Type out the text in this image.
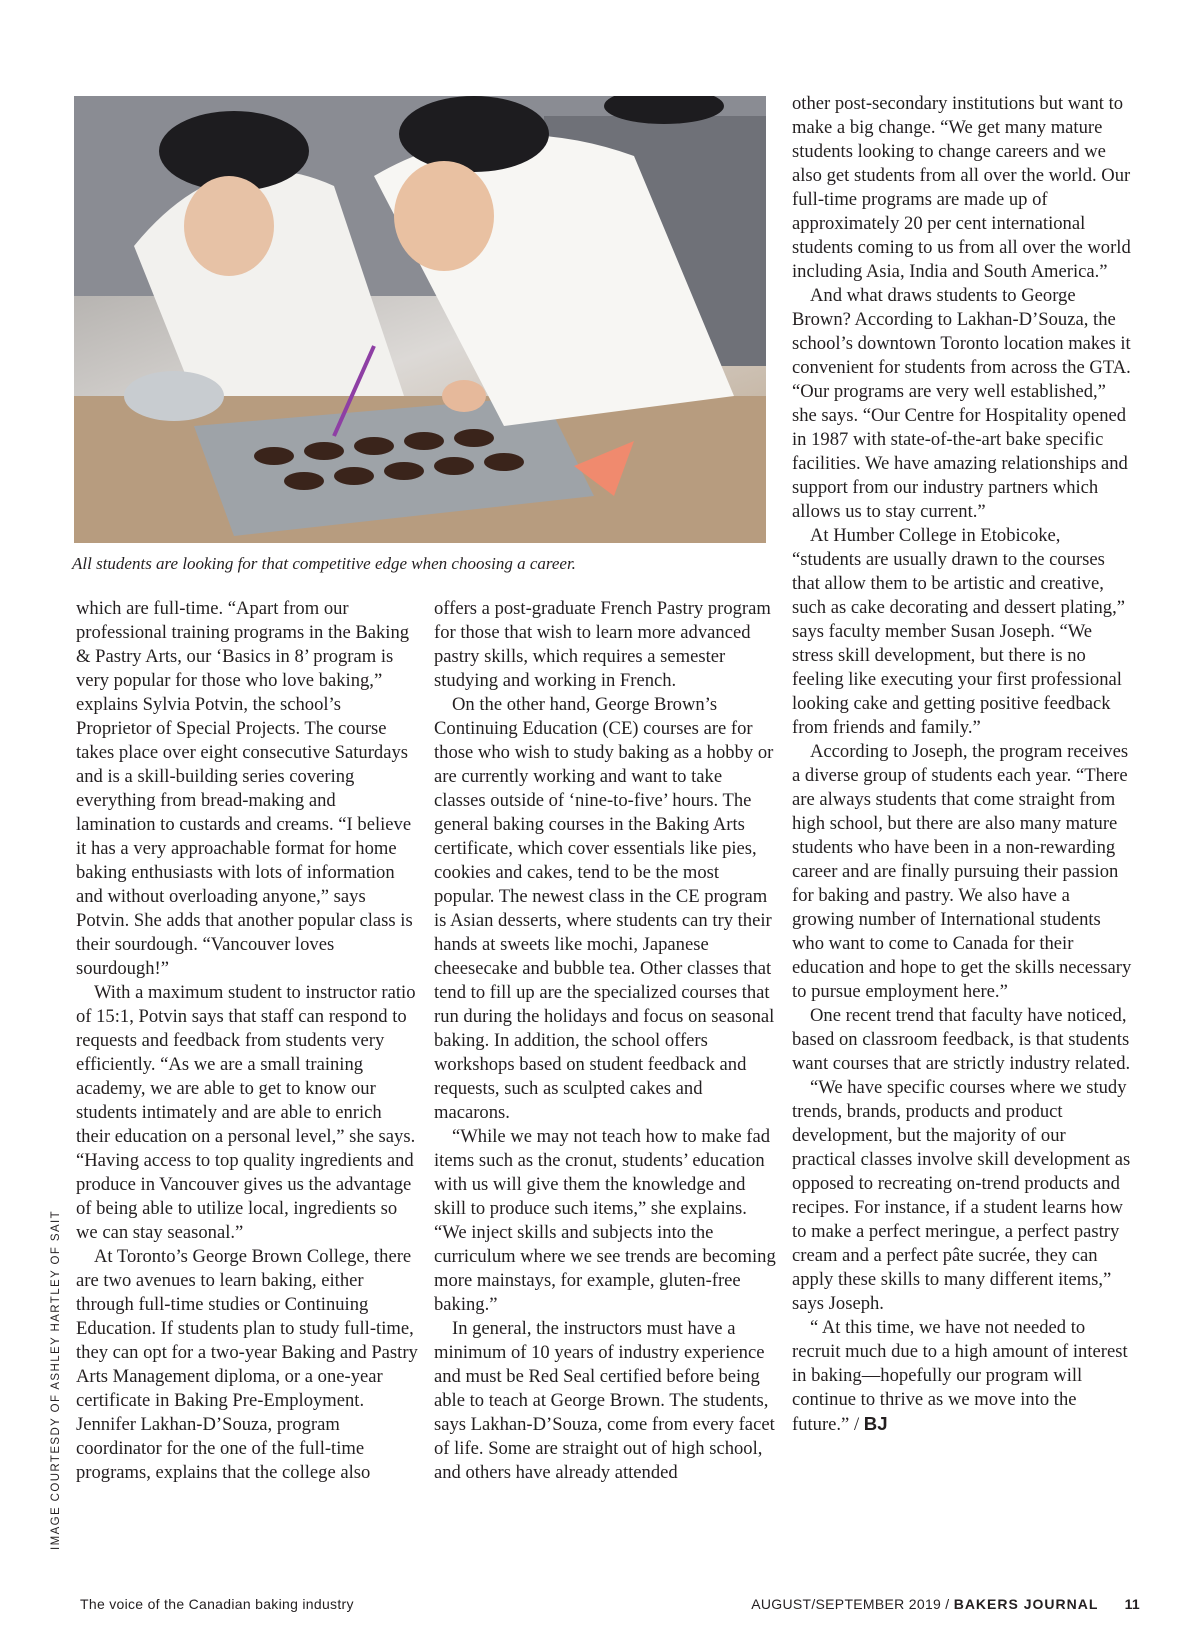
All students are looking for that competitive edge when choosing a career.
IMAGE COURTESDY OF ASHLEY HARTLEY OF SAIT

which are full-time. “Apart from our professional training programs in the Baking & Pastry Arts, our ‘Basics in 8’ program is very popular for those who love baking,” explains Sylvia Potvin, the school’s Proprietor of Special Projects. The course takes place over eight consecutive Saturdays and is a skill-building series covering everything from bread-making and lamination to custards and creams. “I believe it has a very approachable format for home baking enthusiasts with lots of information and without overloading anyone,” says Potvin. She adds that another popular class is their sourdough. “Vancouver loves sourdough!”

With a maximum student to instructor ratio of 15:1, Potvin says that staff can respond to requests and feedback from students very efficiently. “As we are a small training academy, we are able to get to know our students intimately and are able to enrich their education on a personal level,” she says. “Having access to top quality ingredients and produce in Vancouver gives us the advantage of being able to utilize local, ingredients so we can stay seasonal.”

At Toronto’s George Brown College, there are two avenues to learn baking, either through full-time studies or Continuing Education. If students plan to study full-time, they can opt for a two-year Baking and Pastry Arts Management diploma, or a one-year certificate in Baking Pre-Employment. Jennifer Lakhan-D’Souza, program coordinator for the one of the full-time programs, explains that the college also

offers a post-graduate French Pastry program for those that wish to learn more advanced pastry skills, which requires a semester studying and working in French.

On the other hand, George Brown’s Continuing Education (CE) courses are for those who wish to study baking as a hobby or are currently working and want to take classes outside of ‘nine-to-five’ hours. The general baking courses in the Baking Arts certificate, which cover essentials like pies, cookies and cakes, tend to be the most popular. The newest class in the CE program is Asian desserts, where students can try their hands at sweets like mochi, Japanese cheesecake and bubble tea. Other classes that tend to fill up are the specialized courses that run during the holidays and focus on seasonal baking. In addition, the school offers workshops based on student feedback and requests, such as sculpted cakes and macarons.

“While we may not teach how to make fad items such as the cronut, students’ education with us will give them the knowledge and skill to produce such items,” she explains. “We inject skills and subjects into the curriculum where we see trends are becoming more mainstays, for example, gluten-free baking.”

In general, the instructors must have a minimum of 10 years of industry experience and must be Red Seal certified before being able to teach at George Brown. The students, says Lakhan-D’Souza, come from every facet of life. Some are straight out of high school, and others have already attended

other post-secondary institutions but want to make a big change. “We get many mature students looking to change careers and we also get students from all over the world. Our full-time programs are made up of approximately 20 per cent international students coming to us from all over the world including Asia, India and South America.”

And what draws students to George Brown? According to Lakhan-D’Souza, the school’s downtown Toronto location makes it convenient for students from across the GTA. “Our programs are very well established,” she says. “Our Centre for Hospitality opened in 1987 with state-of-the-art bake specific facilities. We have amazing relationships and support from our industry partners which allows us to stay current.”

At Humber College in Etobicoke, “students are usually drawn to the courses that allow them to be artistic and creative, such as cake decorating and dessert plating,” says faculty member Susan Joseph. “We stress skill development, but there is no feeling like executing your first professional looking cake and getting positive feedback from friends and family.”

According to Joseph, the program receives a diverse group of students each year. “There are always students that come straight from high school, but there are also many mature students who have been in a non-rewarding career and are finally pursuing their passion for baking and pastry. We also have a growing number of International students who want to come to Canada for their education and hope to get the skills necessary to pursue employment here.”

One recent trend that faculty have noticed, based on classroom feedback, is that students want courses that are strictly industry related.

“We have specific courses where we study trends, brands, products and product development, but the majority of our practical classes involve skill development as opposed to recreating on-trend products and recipes. For instance, if a student learns how to make a perfect meringue, a perfect pastry cream and a perfect pâte sucrée, they can apply these skills to many different items,” says Joseph.

“ At this time, we have not needed to recruit much due to a high amount of interest in baking—hopefully our program will continue to thrive as we move into the future.” / BJ

The voice of the Canadian baking industry	AUGUST/SEPTEMBER 2019 / BAKERS JOURNAL 11
